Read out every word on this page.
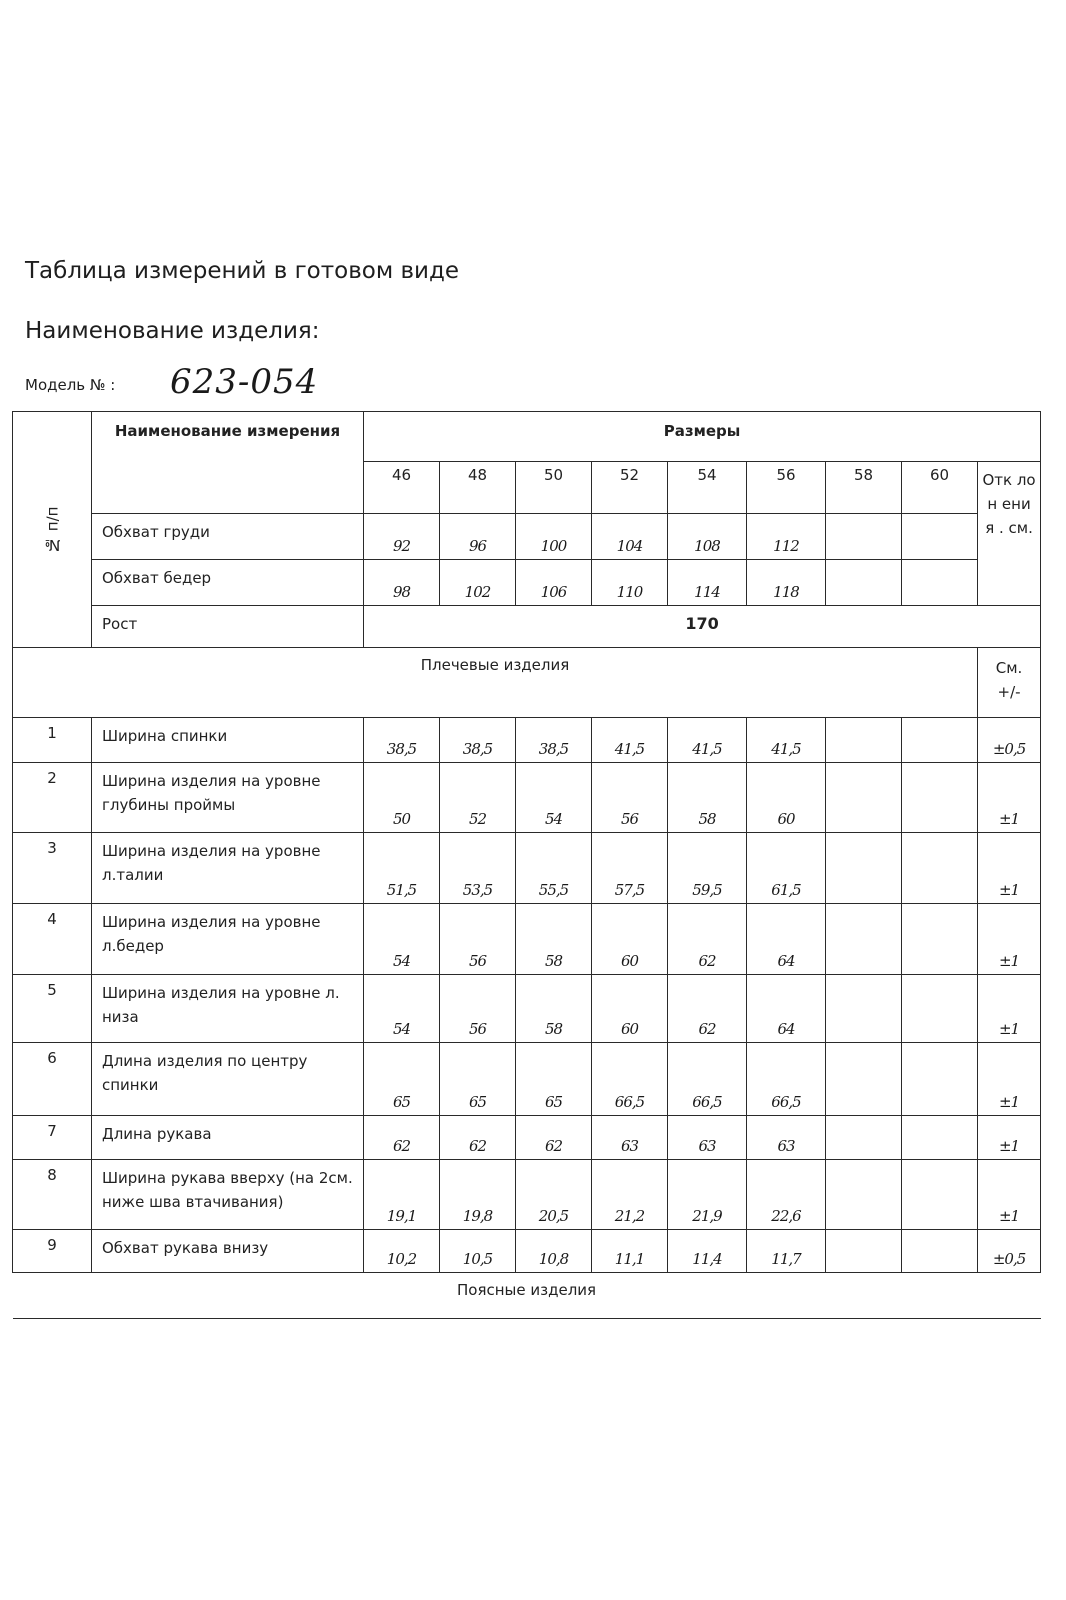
Таблица измерений в готовом виде
Наименование изделия:
Модель № : 623-054
№ п/п	Наименование измерения	Размеры								
		46	48	50	52	54	56	58	60	Отк лон ени я . см.
	Обхват груди	92	96	100	104	108	112			
	Обхват бедер	98	102	106	110	114	118			
	Рост	170								
Плечевые изделия										См. +/-
1	Ширина спинки	38,5	38,5	38,5	41,5	41,5	41,5			±0,5
2	Ширина изделия на уровне глубины проймы	50	52	54	56	58	60			±1
3	Ширина изделия на уровне л.талии	51,5	53,5	55,5	57,5	59,5	61,5			±1
4	Ширина изделия на уровне л.бедер	54	56	58	60	62	64			±1
5	Ширина изделия на уровне л. низа	54	56	58	60	62	64			±1
6	Длина изделия по центру спинки	65	65	65	66,5	66,5	66,5			±1
7	Длина рукава	62	62	62	63	63	63			±1
8	Ширина рукава вверху (на 2см. ниже шва втачивания)	19,1	19,8	20,5	21,2	21,9	22,6			±1
9	Обхват рукава внизу	10,2	10,5	10,8	11,1	11,4	11,7			±0,5
Поясные изделия										
